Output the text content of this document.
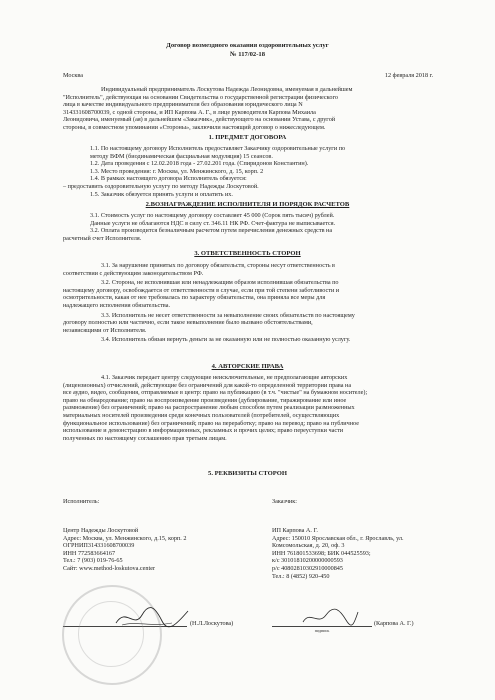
Договор возмездного оказания оздоровительных услуг
№ 117/02-18
Москва	12 февраля 2018 г.
Индивидуальный предприниматель Лоскутова Надежда Леонидовна, именуемая в дальнейшем
"Исполнитель", действующая на основании Свидетельства о государственной регистрации физического
лица в качестве индивидуального предпринимателя без образования юридического лица N
314331608700039, с одной стороны, и ИП Карпова А. Г., в лице руководителя Карпова Михаила
Леонидовича, именуемый (ая) в дальнейшем «Заказчик», действующего на основании Устава, с другой
стороны, в совместном упоминании «Стороны», заключили настоящий договор о нижеследующем.
1. ПРЕДМЕТ ДОГОВОРА
1.1. По настоящему договору Исполнитель предоставляет Заказчику оздоровительные услуги по
методу ВФМ (биодинамическая фасциальная модуляция) 15 сеансов.
1.2. Дата проведения с 12.02.2018 года - 27.02.201 года. (Спиридонов Константин).
1.3. Место проведения: г. Москва, ул. Менжинского, д. 15, корп. 2
1.4. В рамках настоящего договора Исполнитель обязуется:
– предоставить оздоровительную услугу по методу Надежды Лоскутовой.
1.5. Заказчик обязуется принять услуги и оплатить их.
2.ВОЗНАГРАЖДЕНИЕ ИСПОЛНИТЕЛЯ И ПОРЯДОК РАСЧЕТОВ
3.1. Стоимость услуг по настоящему договору составляет 45 000 (Сорок пять тысяч) рублей.
Данные услуги не облагаются НДС в силу ст. 346.11 НК РФ. Счет-фактура не выписывается.
3.2. Оплата производится безналичным расчетом путем перечисления денежных средств на
расчетный счет Исполнителя.
3. ОТВЕТСТВЕННОСТЬ СТОРОН
3.1. За нарушение принятых по договору обязательств, стороны несут ответственность в
соответствии с действующим законодательством РФ.
3.2. Сторона, не исполнившая или ненадлежащим образом исполнившая обязательства по
настоящему договору, освобождается от ответственности в случае, если при той степени заботливости и
осмотрительности, какая от нее требовалась по характеру обязательства, она приняла все меры для
надлежащего исполнения обязательства.
3.3. Исполнитель не несет ответственности за невыполнение своих обязательств по настоящему
договору полностью или частично, если такое невыполнение было вызвано обстоятельствами,
независящими от Исполнителя.
3.4. Исполнитель обязан вернуть деньги за не оказанную или не полностью оказанную услугу.
4. АВТОРСКИЕ ПРАВА
4.1. Заказчик передает центру следующие неисключительные, не предполагающие авторских
(лицензионных) отчислений, действующие без ограничений для какой-то определенной территории права на
все аудио, видео, сообщения, отправляемые в центр: право на публикацию (в т.ч. "чистые" на бумажном носителе);
право на обнародование; право на воспроизведение произведения (дублирование, тиражирование или иное
размножение) без ограничений; право на распространение любым способом путем реализации размноженных
материальных носителей произведения среди конечных пользователей (потребителей, осуществляющих
функциональное использование) без ограничений; право на переработку; право на перевод; право на публичное
использование и демонстрацию в информационных, рекламных и прочих целях; право переуступки части
полученных по настоящему соглашению прав третьим лицам.
5. РЕКВИЗИТЫ СТОРОН
Исполнитель:
Центр Надежды Лоскутовой
Адрес: Москва, ул. Менжинского, д.15, корп. 2
ОГРНИП314331608700039
ИНН 772583664167
Тел.: 7 (903) 019-76-65
Сайт: www.method-loskutova.center
(Н.Л.Лоскутова)
Заказчик:
ИП Карпова А. Г.
Адрес: 150010 Ярославская обл., г. Ярославль, ул.
Комсомольская, д. 20, оф. 3
ИНН 761801533698; БИК 044525593;
к/с 30101810200000000593
р/с 40802810302910000845
Тел.: 8 (4852) 920-450
(Карпова А. Г.)
подпись
